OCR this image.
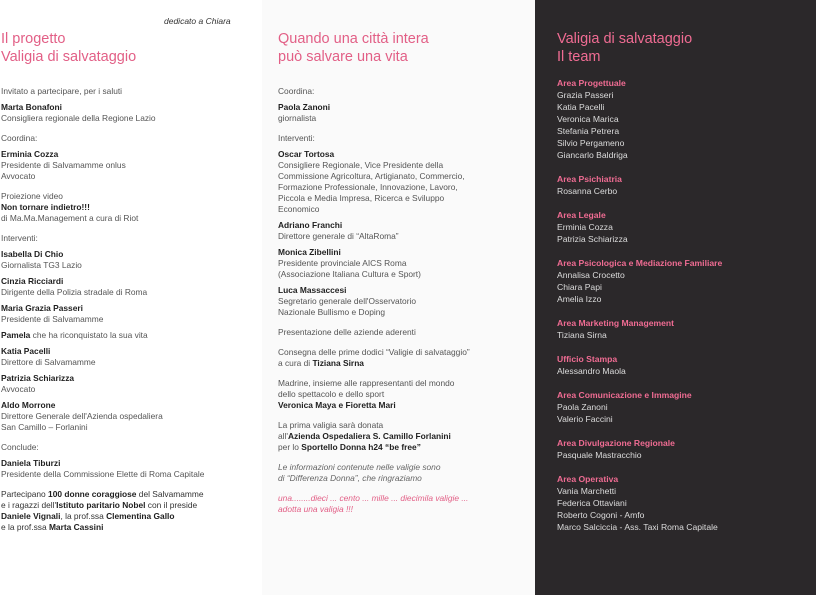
dedicato a Chiara
Il progetto
Valigia di salvataggio
Invitato a partecipare, per i saluti
Marta Bonafoni
Consigliera regionale della Regione Lazio
Coordina:
Erminia Cozza
Presidente di Salvamamme onlus
Avvocato
Proiezione video
Non tornare indietro!!!
di Ma.Ma.Management a cura di Riot
Interventi:
Isabella Di Chio
Giornalista TG3 Lazio
Cinzia Ricciardi
Dirigente della Polizia stradale di Roma
Maria Grazia Passeri
Presidente di Salvamamme
Pamela che ha riconquistato la sua vita
Katia Pacelli
Direttore di Salvamamme
Patrizia Schiarizza
Avvocato
Aldo Morrone
Direttore Generale dell'Azienda ospedaliera
San Camillo – Forlanini
Conclude:
Daniela Tiburzi
Presidente della Commissione Elette di Roma Capitale
Partecipano 100 donne coraggiose del Salvamamme
e i ragazzi dell'Istituto paritario Nobel con il preside
Daniele Vignali, la prof.ssa Clementina Gallo
e la prof.ssa Marta Cassini
Quando una città intera
può salvare una vita
Coordina:
Paola Zanoni
giornalista
Interventi:
Oscar Tortosa
Consigliere Regionale, Vice Presidente della
Commissione Agricoltura, Artigianato, Commercio,
Formazione Professionale, Innovazione, Lavoro,
Piccola e Media Impresa, Ricerca e Sviluppo
Economico
Adriano Franchi
Direttore generale di “AltaRoma”
Monica Zibellini
Presidente provinciale AICS Roma
(Associazione Italiana Cultura e Sport)
Luca Massaccesi
Segretario generale dell'Osservatorio
Nazionale Bullismo e Doping
Presentazione delle aziende aderenti
Consegna delle prime dodici “Valigie di salvataggio”
a cura di Tiziana Sirna
Madrine, insieme alle rappresentanti del mondo
dello spettacolo e dello sport
Veronica Maya e Fioretta Mari
La prima valigia sarà donata
all'Azienda Ospedaliera S. Camillo Forlanini
per lo Sportello Donna h24 “be free”
Le informazioni contenute nelle valigie sono
di “Differenza Donna”, che ringraziamo
una........dieci ... cento ... mille ... diecimila valigie ...
adotta una valigia !!!
Valigia di salvataggio
Il team
Area Progettuale
Grazia Passeri
Katia Pacelli
Veronica Marica
Stefania Petrera
Silvio Pergameno
Giancarlo Baldriga
Area Psichiatria
Rosanna Cerbo
Area Legale
Erminia Cozza
Patrizia Schiarizza
Area Psicologica e Mediazione Familiare
Annalisa Crocetto
Chiara Papi
Amelia Izzo
Area Marketing Management
Tiziana Sirna
Ufficio Stampa
Alessandro Maola
Area Comunicazione e Immagine
Paola Zanoni
Valerio Faccini
Area Divulgazione Regionale
Pasquale Mastracchio
Area Operativa
Vania Marchetti
Federica Ottaviani
Roberto Cogoni - Amfo
Marco Salciccia - Ass. Taxi Roma Capitale
